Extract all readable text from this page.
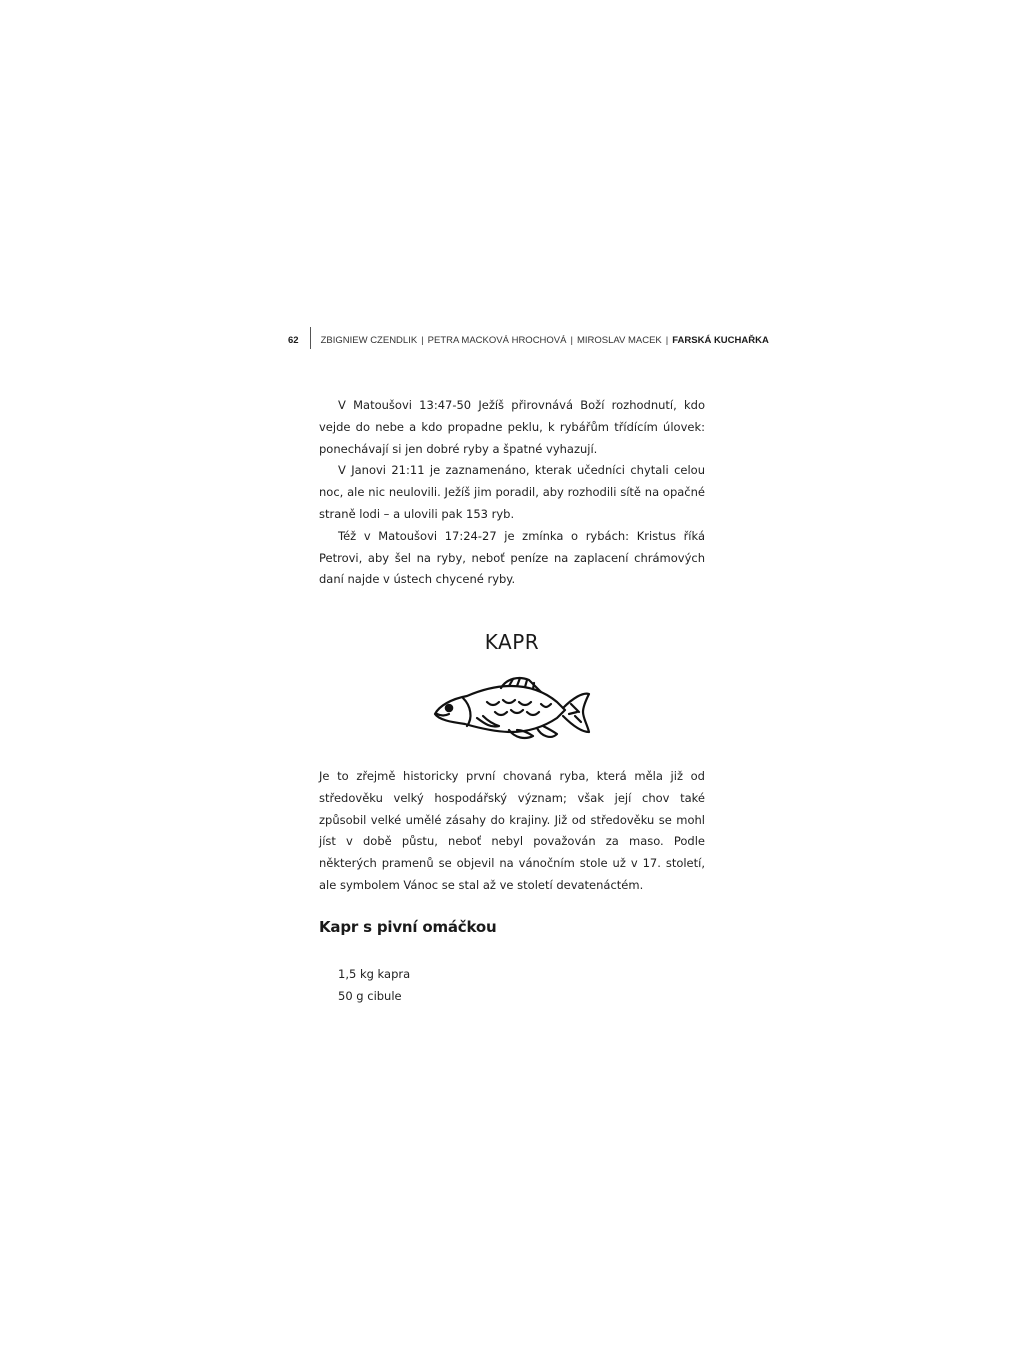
62 ZBIGNIEW CZENDLIK | PETRA MACKOVÁ HROCHOVÁ | MIROSLAV MACEK | FARSKÁ KUCHAŘKA

V Matoušovi 13:47-50 Ježíš přirovnává Boží rozhodnutí, kdo vejde do nebe a kdo propadne peklu, k rybářům třídícím úlovek: ponechávají si jen dobré ryby a špatné vyhazují.

V Janovi 21:11 je zaznamenáno, kterak učedníci chytali celou noc, ale nic neulovili. Ježíš jim poradil, aby rozhodili sítě na opačné straně lodi – a ulovili pak 153 ryb.

Též v Matoušovi 17:24-27 je zmínka o rybách: Kristus říká Petrovi, aby šel na ryby, neboť peníze na zaplacení chrámových daní najde v ústech chycené ryby.

KAPR

Je to zřejmě historicky první chovaná ryba, která měla již od středověku velký hospodářský význam; však její chov také způsobil velké umělé zásahy do krajiny. Již od středověku se mohl jíst v době půstu, neboť nebyl považován za maso. Podle některých pramenů se objevil na vánočním stole už v 17. století, ale symbolem Vánoc se stal až ve století devatenáctém.

Kapr s pivní omáčkou
1,5 kg kapra
50 g cibule
